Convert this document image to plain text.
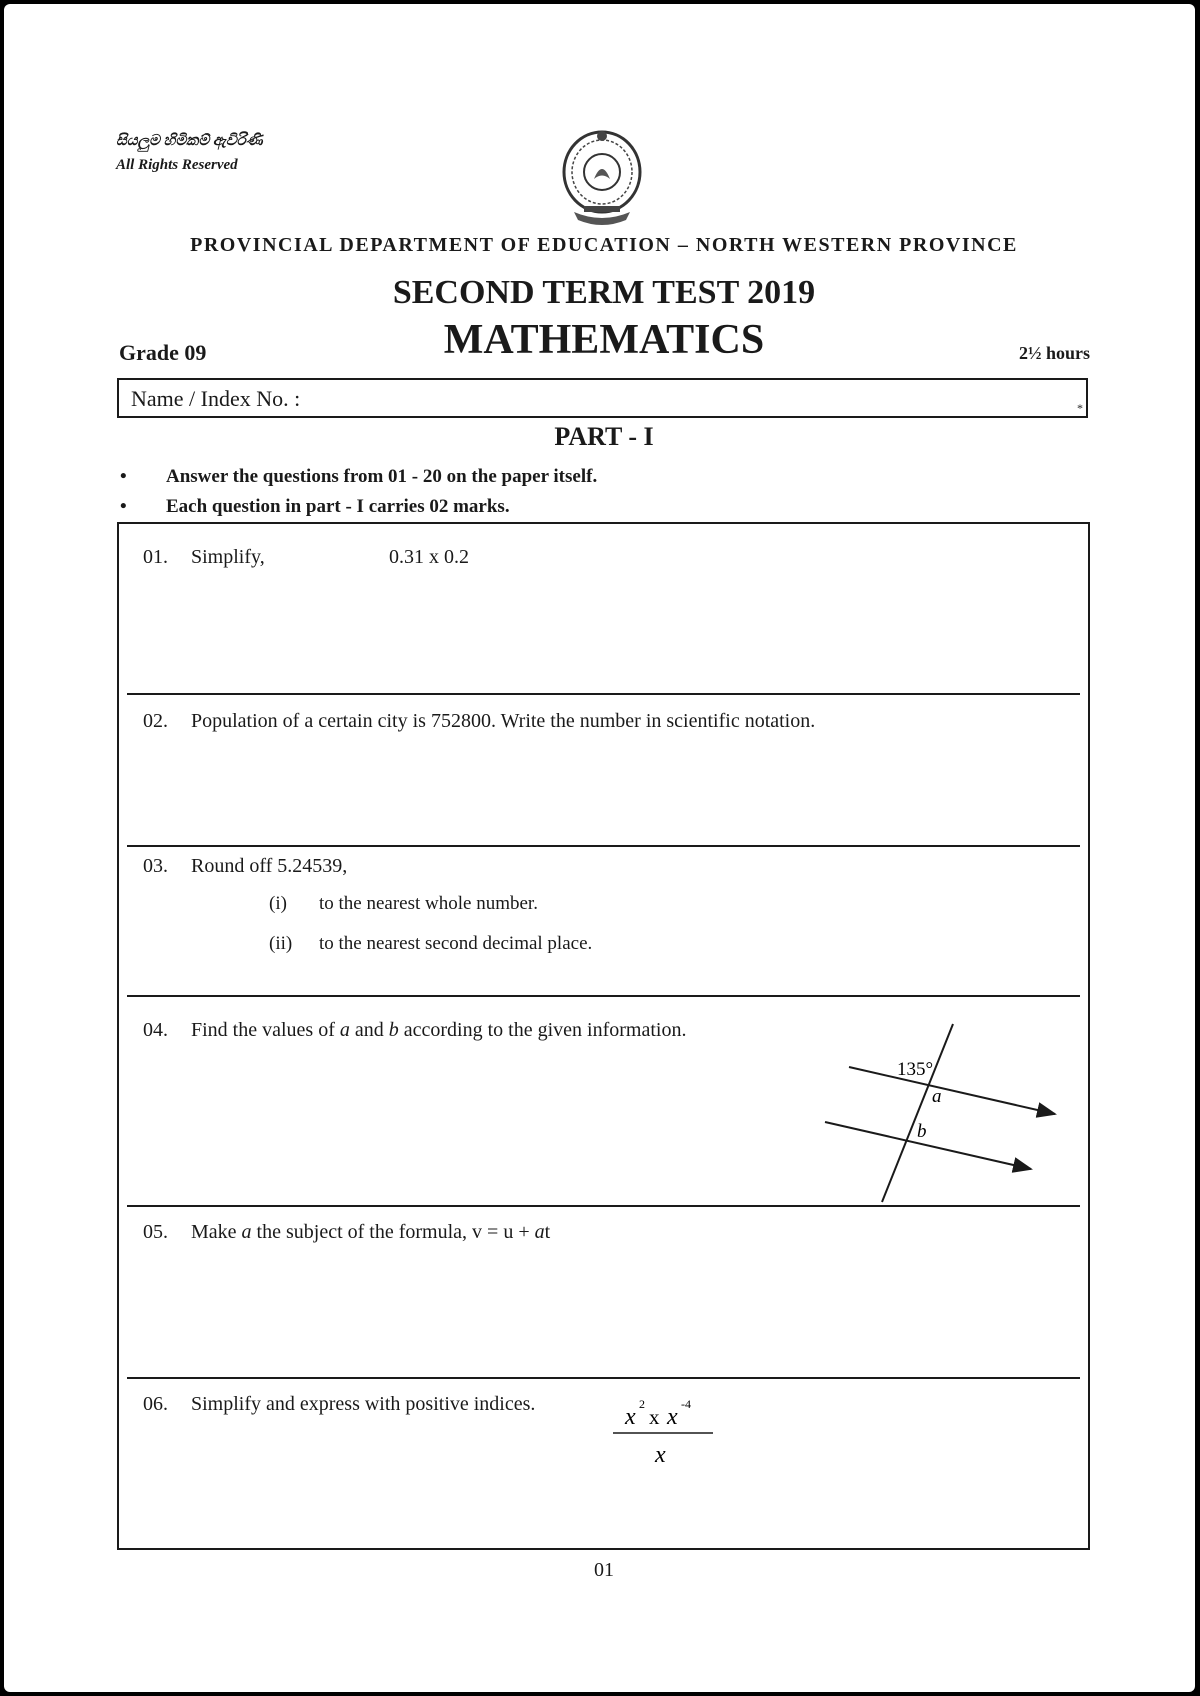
සියලුම හිමිකම් ඇවිරිණි
All Rights Reserved
PROVINCIAL DEPARTMENT OF EDUCATION – NORTH WESTERN PROVINCE
SECOND TERM TEST 2019
MATHEMATICS
Grade 09	2½ hours
Name / Index No. :	*
PART - I
• Answer the questions from 01 - 20 on the paper itself.
• Each question in part - I carries 02 marks.
01. Simplify,	0.31 x 0.2
02. Population of a certain city is 752800. Write the number in scientific notation.
03. Round off 5.24539,
(i) to the nearest whole number.
(ii) to the nearest second decimal place.
04. Find the values of a and b according to the given information.
135°
a
b
05. Make a the subject of the formula, v = u + at
06. Simplify and express with positive indices.	x 2
x x -4
x
01
